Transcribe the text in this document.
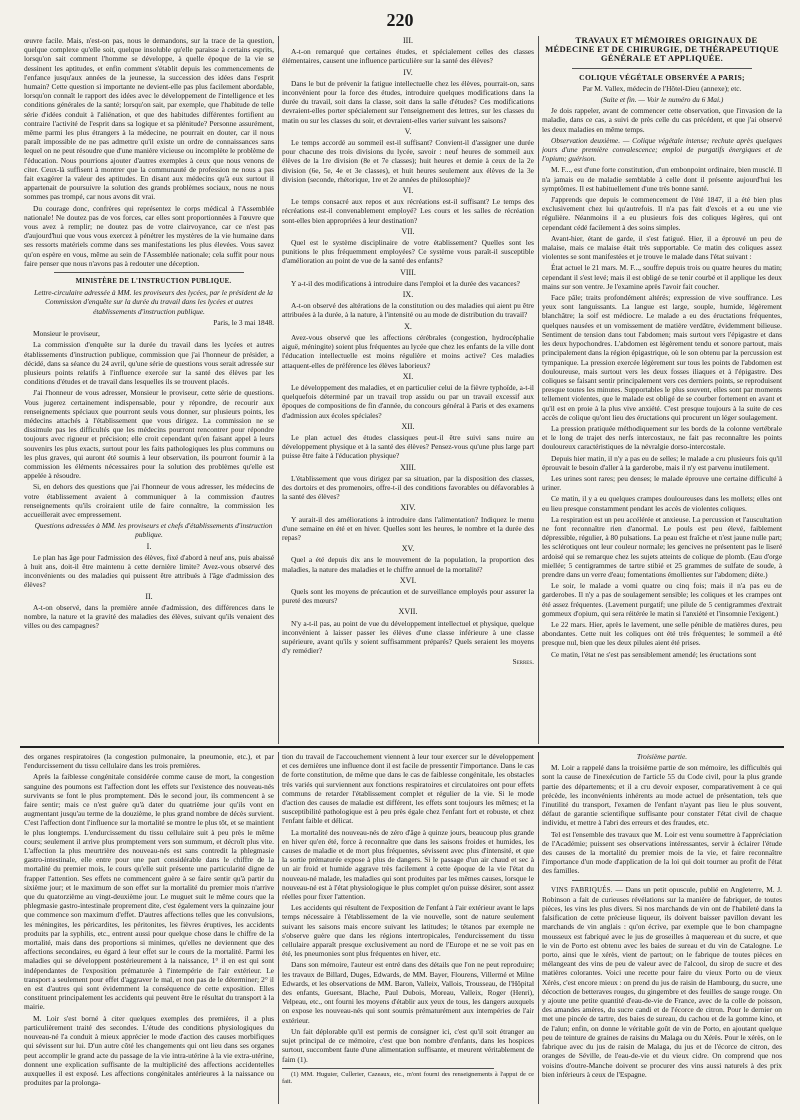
220

œuvre facile. Mais, n'est-on pas, nous le demandons, sur la trace de la question, quelque complexe qu'elle soit, quelque insoluble qu'elle paraisse à certains esprits, lorsqu'on sait comment l'homme se développe, à quelle époque de la vie se dessinent les aptitudes, et enfin comment s'établit depuis les commencements de l'enfance jusqu'aux années de la jeunesse, la succession des idées dans l'esprit humain? Cette question si importante ne devient-elle pas plus facilement abordable, lorsqu'on connaît le rapport des idées avec le développement de l'intelligence et les conditions générales de la santé; lorsqu'on sait, par exemple, que l'habitude de telle série d'idées conduit à l'aliénation, et que des habitudes différentes fortifient au contraire l'activité de l'esprit dans sa logique et sa plénitude? Personne assurément, même parmi les plus étrangers à la médecine, ne pourrait en douter, car il nous paraît impossible de ne pas admettre qu'il existe un ordre de connaissances sans lequel on ne peut résoudre que d'une manière vicieuse ou incomplète le problème de l'éducation. Nous pourrions ajouter d'autres exemples à ceux que nous venons de citer. Ceux-là suffisent à montrer que la communauté de profession ne nous a pas fait exagérer la valeur des aptitudes. En disant aux médecins qu'à eux surtout il appartenait de poursuivre la solution des grands problèmes sociaux, nous ne nous sommes pas trompé, car nous avons dit vrai.

Du courage donc, confrères qui représentez le corps médical à l'Assemblée nationale! Ne doutez pas de vos forces, car elles sont proportionnées à l'œuvre que vous avez à remplir; ne doutez pas de votre clairvoyance, car ce n'est pas d'aujourd'hui que vous vous exercez à pénétrer les mystères de la vie humaine dans ses ressorts matériels comme dans ses manifestations les plus élevées. Vous savez qu'on espère en vous, même au sein de l'Assemblée nationale; cela suffit pour nous faire penser que nous n'avons pas à redouter une déception.

MINISTÈRE DE L'INSTRUCTION PUBLIQUE.

Lettre-circulaire adressée à MM. les proviseurs des lycées, par le président de la Commission d'enquête sur la durée du travail dans les lycées et autres établissements d'instruction publique.

Paris, le 3 mai 1848.

Monsieur le proviseur,

La commission d'enquête sur la durée du travail dans les lycées et autres établissements d'instruction publique, commission que j'ai l'honneur de présider, a décidé, dans sa séance du 24 avril, qu'une série de questions vous serait adressée sur plusieurs points relatifs à l'influence exercée sur la santé des élèves par les conditions d'études et de travail dans lesquelles ils se trouvent placés.

J'ai l'honneur de vous adresser, Monsieur le proviseur, cette série de questions. Vous jugerez certainement indispensable, pour y répondre, de recourir aux renseignements spéciaux que pourront seuls vous donner, sur plusieurs points, les médecins attachés à l'établissement que vous dirigez. La commission ne se dissimule pas les difficultés que les médecins pourront rencontrer pour répondre toujours avec rigueur et précision; elle croit cependant qu'en faisant appel à leurs souvenirs les plus exacts, surtout pour les faits pathologiques les plus communs ou les plus graves, qui auront été soumis à leur observation, ils pourront fournir à la commission les éléments nécessaires pour la solution des problèmes qu'elle est appelée à résoudre.

Si, en dehors des questions que j'ai l'honneur de vous adresser, les médecins de votre établissement avaient à communiquer à la commission d'autres renseignements qu'ils croiraient utile de faire connaître, la commission les accueillerait avec empressement.

Questions adressées à MM. les proviseurs et chefs d'établissements d'instruction publique.

I.

Le plan has âge pour l'admission des élèves, fixé d'abord à neuf ans, puis abaissé à huit ans, doit-il être maintenu à cette dernière limite? Avez-vous observé des inconvénients ou des maladies qui puissent être attribués à l'âge d'admission des élèves?

II.

A-t-on observé, dans la première année d'admission, des différences dans le nombre, la nature et la gravité des maladies des élèves, suivant qu'ils venaient des villes ou des campagnes?

III.

A-t-on remarqué que certaines études, et spécialement celles des classes élémentaires, causent une influence particulière sur la santé des élèves?

IV.

Dans le but de prévenir la fatigue intellectuelle chez les élèves, pourrait-on, sans inconvénient pour la force des études, introduire quelques modifications dans la durée du travail, soit dans la classe, soit dans la salle d'études? Ces modifications devraient-elles porter spécialement sur l'enseignement des lettres, sur les classes du matin ou sur les classes du soir, et devraient-elles varier suivant les saisons?

V.

Le temps accordé au sommeil est-il suffisant? Convient-il d'assigner une durée pour chacune des trois divisions du lycée, savoir : neuf heures de sommeil aux élèves de la 1re division (8e et 7e classes); huit heures et demie à ceux de la 2e division (6e, 5e, 4e et 3e classes), et huit heures seulement aux élèves de la 3e division (seconde, rhétorique, 1re et 2e années de philosophie)?

VI.

Le temps consacré aux repos et aux récréations est-il suffisant? Le temps des récréations est-il convenablement employé? Les cours et les salles de récréation sont-elles bien appropriées à leur destination?

VII.

Quel est le système disciplinaire de votre établissement? Quelles sont les punitions le plus fréquemment employées? Ce système vous paraît-il susceptible d'amélioration au point de vue de la santé des enfants?

VIII.

Y a-t-il des modifications à introduire dans l'emploi et la durée des vacances?

IX.

A-t-on observé des altérations de la constitution ou des maladies qui aient pu être attribuées à la durée, à la nature, à l'intensité ou au mode de distribution du travail?

X.

Avez-vous observé que les affections cérébrales (congestion, hydrocéphalie aiguë, méningite) soient plus fréquentes au lycée que chez les enfants de la ville dont l'éducation intellectuelle est moins régulière et moins active? Ces maladies attaquent-elles de préférence les élèves laborieux?

XI.

Le développement des maladies, et en particulier celui de la fièvre typhoïde, a-t-il quelquefois déterminé par un travail trop assidu ou par un travail excessif aux époques de compositions de fin d'année, du concours général à Paris et des examens d'admission aux écoles spéciales?

XII.

Le plan actuel des études classiques peut-il être suivi sans nuire au développement physique et à la santé des élèves? Pensez-vous qu'une plus large part puisse être faite à l'éducation physique?

XIII.

L'établissement que vous dirigez par sa situation, par la disposition des classes, des dortoirs et des promenoirs, offre-t-il des conditions favorables ou défavorables à la santé des élèves?

XIV.

Y aurait-il des améliorations à introduire dans l'alimentation? Indiquez le menu d'une semaine en été et en hiver. Quelles sont les heures, le nombre et la durée des repas?

XV.

Quel a été depuis dix ans le mouvement de la population, la proportion des maladies, la nature des maladies et le chiffre annuel de la mortalité?

XVI.

Quels sont les moyens de précaution et de surveillance employés pour assurer la pureté des mœurs?

XVII.

N'y a-t-il pas, au point de vue du développement intellectuel et physique, quelque inconvénient à laisser passer les élèves d'une classe inférieure à une classe supérieure, avant qu'ils y soient suffisamment préparés? Quels seraient les moyens d'y remédier?

Serres.

TRAVAUX ET MÉMOIRES ORIGINAUX DE MÉDECINE ET DE CHIRURGIE, DE THÉRAPEUTIQUE GÉNÉRALE ET APPLIQUÉE.

COLIQUE VÉGÉTALE OBSERVÉE A PARIS;

Par M. Vallex, médecin de l'Hôtel-Dieu (annexe); etc.

(Suite et fin. — Voir le numéro du 6 Mai.)

Je dois rappeler, avant de commencer cette observation, que l'invasion de la maladie, dans ce cas, a suivi de près celle du cas précédent, et que j'ai observé les deux maladies en même temps.

Observation deuxième. — Colique végétale intense; rechute après quelques jours d'une première convalescence; emploi de purgatifs énergiques et de l'opium; guérison.

M. F..., est d'une forte constitution, d'un embonpoint ordinaire, bien musclé. Il n'a jamais eu de maladie semblable à celle dont il présente aujourd'hui les symptômes. Il est habituellement d'une très bonne santé.

J'apprends que depuis le commencement de l'été 1847, il a été bien plus exclusivement chez lui qu'autrefois. Il n'a pas fait d'excès et a eu une vie régulière. Néanmoins il a eu plusieurs fois des coliques légères, qui ont cependant cédé facilement à des soins simples.

Avant-hier, étant de garde, il s'est fatigué. Hier, il a éprouvé un peu de malaise, mais ce malaise était très supportable. Ce matin des coliques assez violentes se sont manifestées et je trouve le malade dans l'état suivant :

État actuel le 21 mars. M. F..., souffre depuis trois ou quatre heures du matin; cependant il s'est levé; mais il est obligé de se tenir courbé et il applique les deux mains sur son ventre. Je l'examine après l'avoir fait coucher.

Face pâle; traits profondément altérés; expression de vive souffrance. Les yeux sont languissants. La langue est large, souple, humide, légèrement blanchâtre; la soif est médiocre. Le malade a eu des éructations fréquentes, quelques nausées et un vomissement de matière verdâtre, évidemment bilieuse. Sentiment de tension dans tout l'abdomen; mais surtout vers l'épigastre et dans les deux hypochondres. L'abdomen est légèrement tendu et sonore partout, mais principalement dans la région épigastrique, où le son obtenu par la percussion est tympanique. La pression exercée légèrement sur tous les points de l'abdomen est douloureuse, mais surtout vers les deux fosses iliaques et à l'épigastre. Des coliques se faisant sentir principalement vers ces derniers points, se reproduisent presque toutes les minutes. Supportables le plus souvent, elles sont par moments tellement violentes, que le malade est obligé de se courber fortement en avant et qu'il est en proie à la plus vive anxiété. C'est presque toujours à la suite de ces accès de colique qu'ont lieu des éructations qui procurent un léger soulagement.

La pression pratiquée méthodiquement sur les bords de la colonne vertébrale et le long de trajet des nerfs intercostaux, ne fait pas reconnaître les points douloureux caractéristiques de la névralgie dorso-intercostale.

Depuis hier matin, il n'y a pas eu de selles; le malade a cru plusieurs fois qu'il éprouvait le besoin d'aller à la garderobe, mais il n'y est parvenu inutilement.

Les urines sont rares; peu denses; le malade éprouve une certaine difficulté à uriner.

Ce matin, il y a eu quelques crampes douloureuses dans les mollets; elles ont eu lieu presque constamment pendant les accès de violentes coliques.

La respiration est un peu accélérée et anxieuse. La percussion et l'auscultation ne font reconnaître rien d'anormal. Le pouls est peu élevé, faiblement dépressible, régulier, à 80 pulsations. La peau est fraîche et n'est jaune nulle part; les sclérotiques ont leur couleur normale; les gencives ne présentent pas le liseré ardoisé qui se remarque chez les sujets atteints de colique de plomb. (Eau d'orge miellée; 5 centigrammes de tartre stibié et 25 grammes de sulfate de soude, à prendre dans un verre d'eau; fomentations émollientes sur l'abdomen; diète.)

Le soir, le malade a vomi quatre ou cinq fois; mais il n'a pas eu de garderobes. Il n'y a pas de soulagement sensible; les coliques et les crampes ont été assez fréquentes. (Lavement purgatif; une pilule de 5 centigrammes d'extrait gommeux d'opium, qui sera réitérée le matin si l'anxiété et l'insomnie l'exigent.)

Le 22 mars. Hier, après le lavement, une selle pénible de matières dures, peu abondantes. Cette nuit les coliques ont été très fréquentes; le sommeil a été presque nul, bien que les deux pilules aient été prises.

Ce matin, l'état ne s'est pas sensiblement amendé; les éructations sont

des organes respiratoires (la congestion pulmonaire, la pneumonie, etc.), et par l'endurcissement du tissu cellulaire dans les trois premières.

Après la faiblesse congénitale considérée comme cause de mort, la congestion sanguine des poumons est l'affection dont les effets sur l'existence des nouveau-nés survivants se font le plus promptement. Dès le second jour, ils commencent à se faire sentir; mais ce n'est guère qu'à dater du quatrième jour qu'ils vont en augmentant jusqu'au terme de la douzième, le plus grand nombre de décès survient. C'est l'affection dont l'influence sur la mortalité se montre le plus tôt, et se maintient le plus longtemps. L'endurcissement du tissu cellulaire suit à peu près le même cours; seulement il arrive plus promptement vers son summum, et décroît plus vite. L'affection la plus meurtrière des nouveau-nés est sans contredit la phlegmasie gastro-intestinale, elle entre pour une part considérable dans le chiffre de la mortalité du premier mois, le cours qu'elle suit présente une particularité digne de frapper l'attention. Ses effets ne commencent guère à se faire sentir qu'à partir du sixième jour; et le maximum de son effet sur la mortalité du premier mois n'arrive que du quatorzième au vingt-deuxième jour. Le muguet suit le même cours que la phlegmasie gastro-intestinale proprement dite, c'est également vers la quinzaine jour que commence son maximum d'effet. D'autres affections telles que les convulsions, les méningites, les péricardites, les péritonites, les fièvres éruptives, les accidents produits par la syphilis, etc., entrent aussi pour quelque chose dans le chiffre de la mortalité, mais dans des proportions si minimes, qu'elles ne deviennent que des affections secondaires, eu égard à leur effet sur le cours de la mortalité. Parmi les maladies qui se développent postérieurement à la naissance, 1° il en est qui sont indépendantes de l'exposition prématurée à l'intempérie de l'air extérieur. Le transport a seulement pour effet d'aggraver le mal, et non pas de le déterminer; 2° il en est d'autres qui sont évidemment la conséquence de cette exposition. Elles constituent principalement les accidents qui peuvent être le résultat du transport à la mairie.

M. Loir s'est borné à citer quelques exemples des premières, il a plus particulièrement traité des secondes. L'étude des conditions physiologiques du nouveau-né l'a conduit à mieux apprécier le mode d'action des causes morbifiques qui sévissent sur lui. D'un autre côté les changements qui ont lieu dans ses organes peut accomplir le grand acte du passage de la vie intra-utérine à la vie extra-utérine, donnent une explication suffisante de la multiplicité des affections accidentelles auxquelles il est exposé. Les affections congénitales antérieures à la naissance ou produites par la prolonga-

tion du travail de l'accouchement viennent à leur tour exercer sur le développement et ces dernières une influence dont il est facile de pressentir l'importance. Dans le cas de forte constitution, de même que dans le cas de faiblesse congénitale, les obstacles très variés qui surviennent aux fonctions respiratoires et circulatoires ont pour effets communs de retarder l'établissement complet et régulier de la vie. Si le mode d'action des causes de maladie est différent, les effets sont toujours les mêmes; et la susceptibilité pathologique est à peu près égale chez l'enfant fort et robuste, et chez l'enfant faible et délicat.

La mortalité des nouveau-nés de zéro d'âge à quinze jours, beaucoup plus grande en hiver qu'en été, force à reconnaître que dans les saisons froides et humides, les causes de maladie et de mort plus fréquentes, sévissent avec plus d'intensité, et que la sortie prématurée expose à plus de dangers. Si le passage d'un air chaud et sec à un air froid et humide aggrave très facilement à cette époque de la vie l'état du nouveau-né malade, les maladies qui sont produites par les mêmes causes, lorsque le nouveau-né est à l'état physiologique le plus complet qu'on puisse désirer, sont assez réelles pour fixer l'attention.

Les accidents qui résultent de l'exposition de l'enfant à l'air extérieur avant le laps temps nécessaire à l'établissement de la vie nouvelle, sont de nature seulement suivant les saisons mais encore suivant les latitudes; le tétanos par exemple ne s'observe guère que dans les régions intertropicales, l'endurcissement du tissu cellulaire apparaît presque exclusivement au nord de l'Europe et ne se voit pas en été, les pneumonies sont plus fréquentes en hiver, etc.

Dans son mémoire, l'auteur est entré dans des détails que l'on ne peut reproduire; les travaux de Billard, Duges, Edwards, de MM. Bayer, Flourens, Villermé et Milne Edwards, et les observations de MM. Baron, Valleix, Vallois, Trousseau, de l'Hôpital des enfants, Guersant, Blache, Paul Dubois, Moreau, Valleix, Roger (Henri), Velpeau, etc., ont fourni les moyens d'établir aux yeux de tous, les dangers auxquels on expose les nouveau-nés qui sont soumis prématurément aux intempéries de l'air extérieur.

Un fait déplorable qu'il est permis de consigner ici, c'est qu'il soit étranger au sujet principal de ce mémoire, c'est que bon nombre d'enfants, dans les hospices surtout, succombent faute d'une alimentation suffisante, et meurent véritablement de faim (1).

(1) MM. Huguier, Cullerier, Cazeaux, etc., m'ont fourni des renseignements à l'appui de ce fait.

Troisième partie.

M. Loir a rappelé dans la troisième partie de son mémoire, les difficultés qui sont la cause de l'inexécution de l'article 55 du Code civil, pour la plus grande partie des départements; et il a cru devoir exposer, comparativement à ce qui précède, les inconvénients inhérents au mode actuel de présentation, tels que l'inutilité du transport, l'examen de l'enfant n'ayant pas lieu le plus souvent, défaut de garantie scientifique suffisante pour constater l'état civil de chaque individu, et mettre à l'abri des erreurs et des fraudes, etc.

Tel est l'ensemble des travaux que M. Loir est venu soumettre à l'appréciation de l'Académie; puissent ses observations intéressantes, servir à éclairer l'étude des causes de la mortalité du premier mois de la vie, et faire reconnaître l'importance d'un mode d'application de la loi qui doit tourner au profit de l'état des familles.

VINS FABRIQUÉS. — Dans un petit opuscule, publié en Angleterre, M. J. Robinson a fait de curieuses révélations sur la manière de fabriquer, de toutes pièces, les vins les plus divers. Si nos marchands de vin ont de l'habileté dans la falsification de cette précieuse liqueur, ils doivent baisser pavillon devant les marchands de vin anglais : qu'on écrive, par exemple que le bon champagne mousseux est fabriqué avec le jus de groseilles à maquereau et du sucre, et que le vin de Porto est obtenu avec les baies de sureau et du vin de Catalogne. Le porto, ainsi que le xérès, vient de partout; on le fabrique de toutes pièces en mélangeant des vins de peu de valeur avec de l'alcool, du sirop de sucre et des matières colorantes. Voici une recette pour faire du vieux Porto ou de vieux Xérès, c'est encore mieux : on prend du jus de raisin de Hambourg, du sucre, une décoction de betteraves rouges, du gingembre et des feuilles de sauge rouge. On y ajoute une petite quantité d'eau-de-vie de France, avec de la colle de poisson, des amandes amères, du sucre candi et de l'écorce de citron. Pour le dernier on met une pincée de tartre, des baies de sureau, du cachou et de la gomme kino, et de l'alun; enfin, on donne le véritable goût de vin de Porto, en ajoutant quelque peu de teinture de graines de raisins du Malaga ou du Xérès. Pour le xérès, on le fabrique avec du jus de raisin de Malaga, du jus et de l'écorce de citron, des oranges de Séville, de l'eau-de-vie et du vieux cidre. On comprend que nos voisins d'outre-Manche doivent se procurer des vins aussi naturels à des prix bien inférieurs à ceux de l'Espagne.
